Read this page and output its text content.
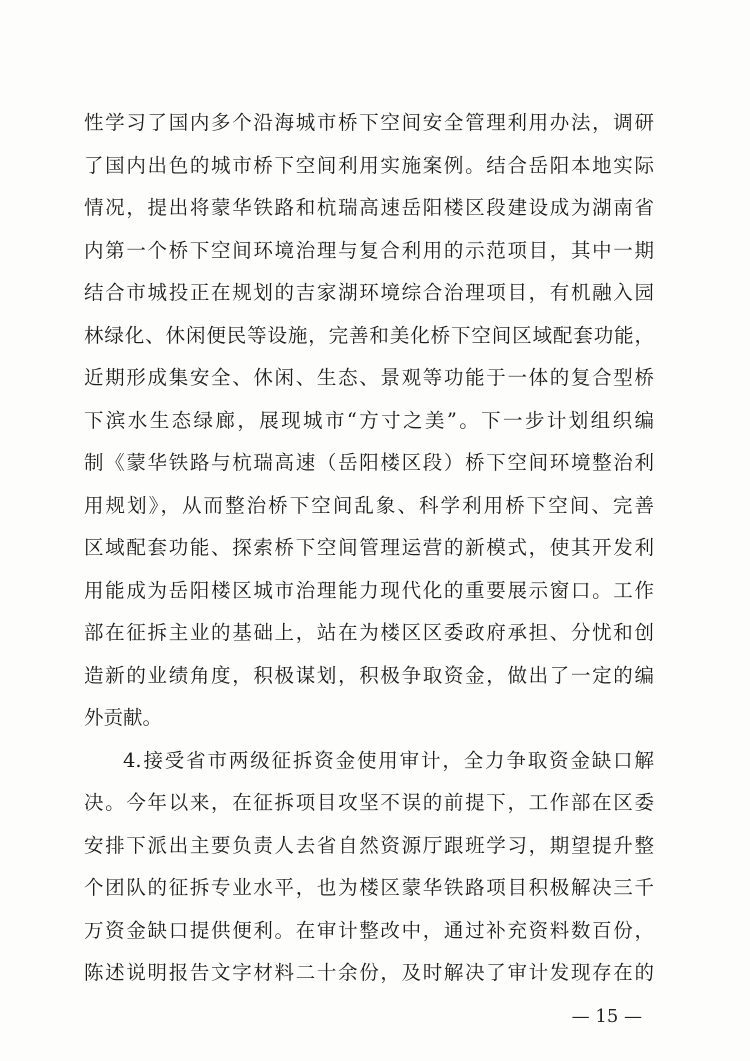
性学习了国内多个沿海城市桥下空间安全管理利用办法，调研
了国内出色的城市桥下空间利用实施案例。结合岳阳本地实际
情况，提出将蒙华铁路和杭瑞高速岳阳楼区段建设成为湖南省
内第一个桥下空间环境治理与复合利用的示范项目，其中一期
结合市城投正在规划的吉家湖环境综合治理项目，有机融入园
林绿化、休闲便民等设施，完善和美化桥下空间区域配套功能，
近期形成集安全、休闲、生态、景观等功能于一体的复合型桥
下滨水生态绿廊，展现城市“方寸之美”。下一步计划组织编
制《蒙华铁路与杭瑞高速（岳阳楼区段）桥下空间环境整治利
用规划》，从而整治桥下空间乱象、科学利用桥下空间、完善
区域配套功能、探索桥下空间管理运营的新模式，使其开发利
用能成为岳阳楼区城市治理能力现代化的重要展示窗口。工作
部在征拆主业的基础上，站在为楼区区委政府承担、分忧和创
造新的业绩角度，积极谋划，积极争取资金，做出了一定的编
外贡献。
4.接受省市两级征拆资金使用审计，全力争取资金缺口解
决。今年以来，在征拆项目攻坚不误的前提下，工作部在区委
安排下派出主要负责人去省自然资源厅跟班学习，期望提升整
个团队的征拆专业水平，也为楼区蒙华铁路项目积极解决三千
万资金缺口提供便利。在审计整改中，通过补充资料数百份，
陈述说明报告文字材料二十余份，及时解决了审计发现存在的
— 15 —
